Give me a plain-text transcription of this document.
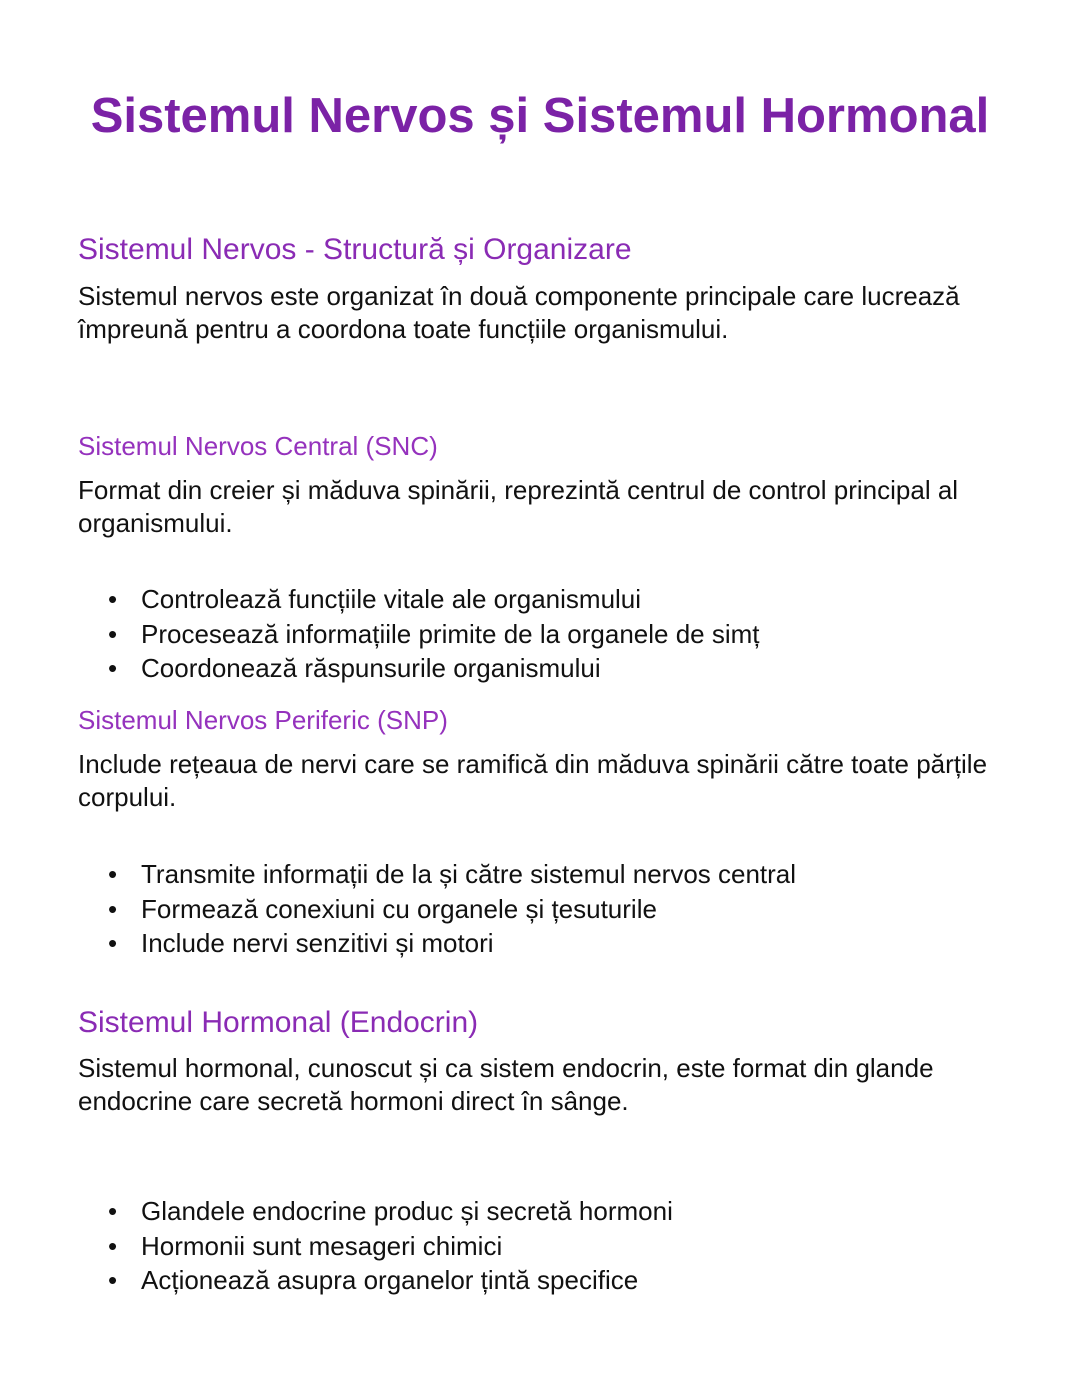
Sistemul Nervos și Sistemul Hormonal
Sistemul Nervos - Structură și Organizare

Sistemul nervos este organizat în două componente principale care lucrează împreună pentru a coordona toate funcțiile organismului.

Sistemul Nervos Central (SNC)

Format din creier și măduva spinării, reprezintă centrul de control principal al organismului.

• Controlează funcțiile vitale ale organismului
• Procesează informațiile primite de la organele de simț
• Coordonează răspunsurile organismului
Sistemul Nervos Periferic (SNP)

Include rețeaua de nervi care se ramifică din măduva spinării către toate părțile corpului.

• Transmite informații de la și către sistemul nervos central
• Formează conexiuni cu organele și țesuturile
• Include nervi senzitivi și motori
Sistemul Hormonal (Endocrin)

Sistemul hormonal, cunoscut și ca sistem endocrin, este format din glande endocrine care secretă hormoni direct în sânge.

• Glandele endocrine produc și secretă hormoni
• Hormonii sunt mesageri chimici
• Acționează asupra organelor țintă specifice
